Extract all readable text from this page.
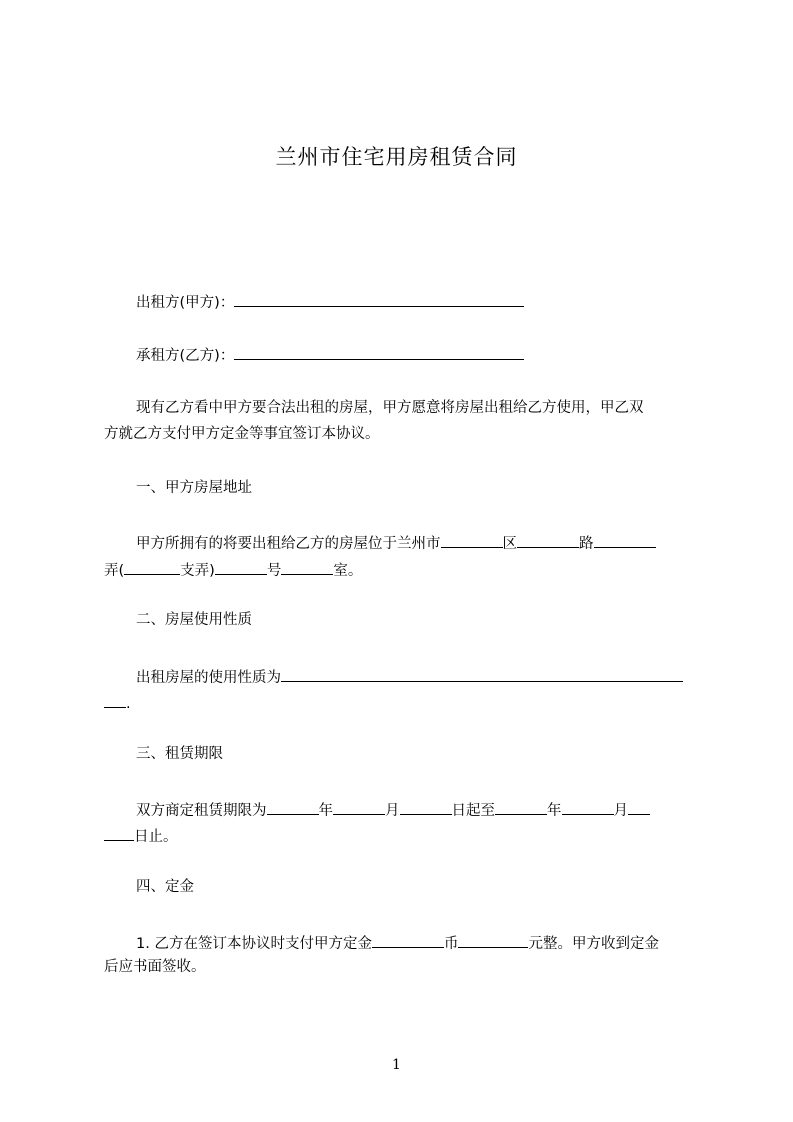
兰州市住宅用房租赁合同
出租方(甲方)：
承租方(乙方)：
现有乙方看中甲方要合法出租的房屋，甲方愿意将房屋出租给乙方使用，甲乙双
方就乙方支付甲方定金等事宜签订本协议。
一、甲方房屋地址
甲方所拥有的将要出租给乙方的房屋位于兰州市	区	路
弄(	支弄)	号	室。
二、房屋使用性质
出租房屋的使用性质为
.
三、租赁期限
双方商定租赁期限为	年	月	日起至	年	月
日止。
四、定金
1. 乙方在签订本协议时支付甲方定金	币	元整。甲方收到定金
后应书面签收。
1
